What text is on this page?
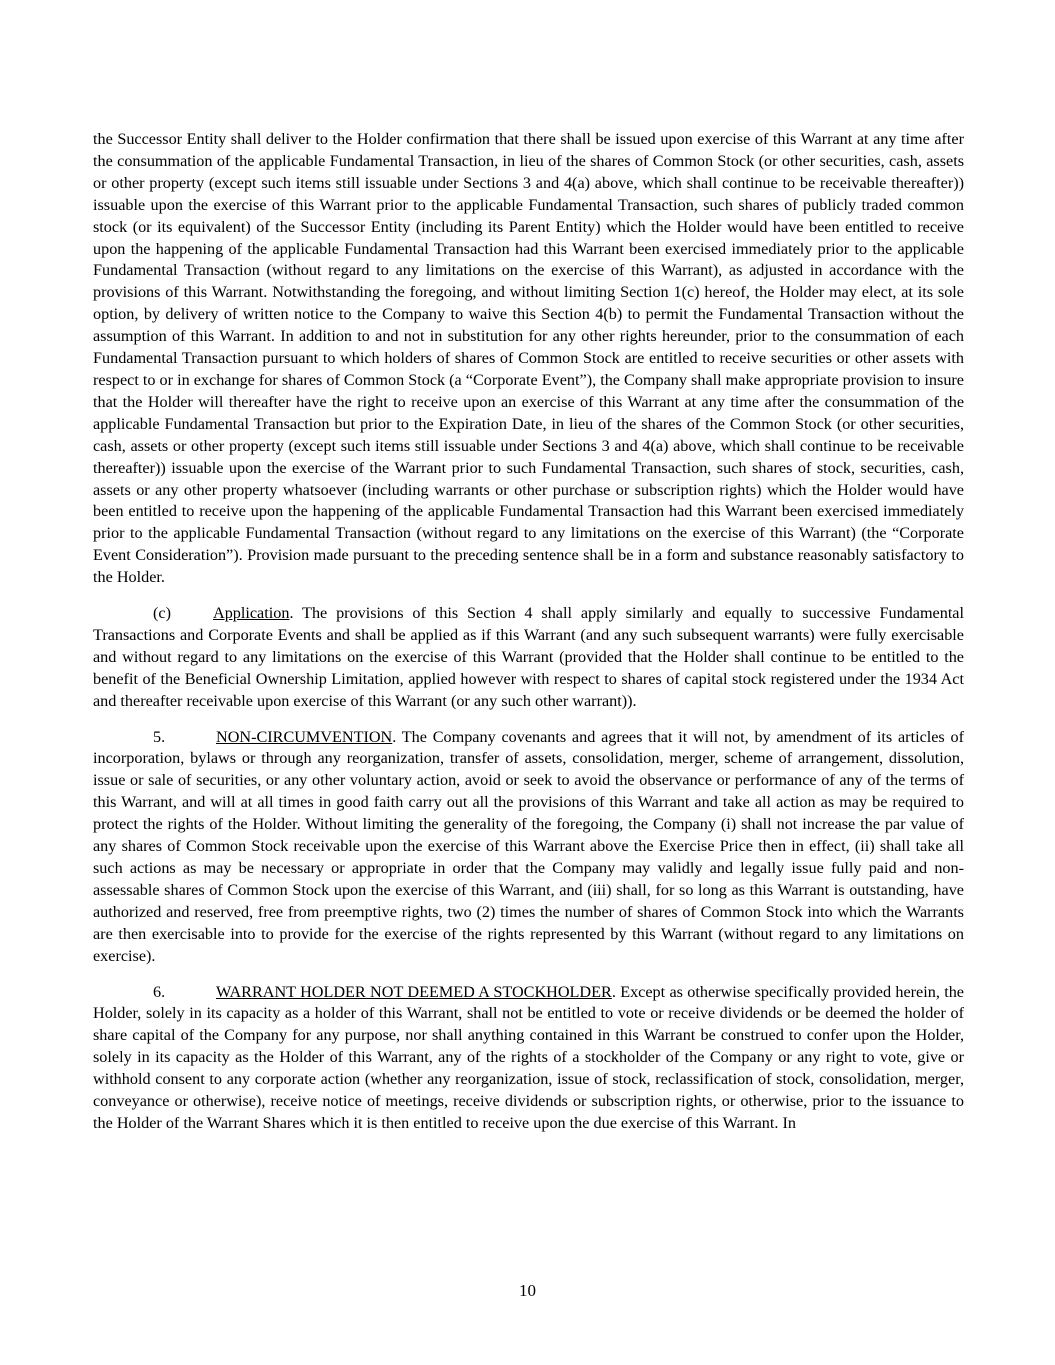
the Successor Entity shall deliver to the Holder confirmation that there shall be issued upon exercise of this Warrant at any time after the consummation of the applicable Fundamental Transaction, in lieu of the shares of Common Stock (or other securities, cash, assets or other property (except such items still issuable under Sections 3 and 4(a) above, which shall continue to be receivable thereafter)) issuable upon the exercise of this Warrant prior to the applicable Fundamental Transaction, such shares of publicly traded common stock (or its equivalent) of the Successor Entity (including its Parent Entity) which the Holder would have been entitled to receive upon the happening of the applicable Fundamental Transaction had this Warrant been exercised immediately prior to the applicable Fundamental Transaction (without regard to any limitations on the exercise of this Warrant), as adjusted in accordance with the provisions of this Warrant. Notwithstanding the foregoing, and without limiting Section 1(c) hereof, the Holder may elect, at its sole option, by delivery of written notice to the Company to waive this Section 4(b) to permit the Fundamental Transaction without the assumption of this Warrant. In addition to and not in substitution for any other rights hereunder, prior to the consummation of each Fundamental Transaction pursuant to which holders of shares of Common Stock are entitled to receive securities or other assets with respect to or in exchange for shares of Common Stock (a “Corporate Event”), the Company shall make appropriate provision to insure that the Holder will thereafter have the right to receive upon an exercise of this Warrant at any time after the consummation of the applicable Fundamental Transaction but prior to the Expiration Date, in lieu of the shares of the Common Stock (or other securities, cash, assets or other property (except such items still issuable under Sections 3 and 4(a) above, which shall continue to be receivable thereafter)) issuable upon the exercise of the Warrant prior to such Fundamental Transaction, such shares of stock, securities, cash, assets or any other property whatsoever (including warrants or other purchase or subscription rights) which the Holder would have been entitled to receive upon the happening of the applicable Fundamental Transaction had this Warrant been exercised immediately prior to the applicable Fundamental Transaction (without regard to any limitations on the exercise of this Warrant) (the “Corporate Event Consideration”). Provision made pursuant to the preceding sentence shall be in a form and substance reasonably satisfactory to the Holder.

(c)	Application. The provisions of this Section 4 shall apply similarly and equally to successive Fundamental Transactions and Corporate Events and shall be applied as if this Warrant (and any such subsequent warrants) were fully exercisable and without regard to any limitations on the exercise of this Warrant (provided that the Holder shall continue to be entitled to the benefit of the Beneficial Ownership Limitation, applied however with respect to shares of capital stock registered under the 1934 Act and thereafter receivable upon exercise of this Warrant (or any such other warrant)).

5.	NON-CIRCUMVENTION. The Company covenants and agrees that it will not, by amendment of its articles of incorporation, bylaws or through any reorganization, transfer of assets, consolidation, merger, scheme of arrangement, dissolution, issue or sale of securities, or any other voluntary action, avoid or seek to avoid the observance or performance of any of the terms of this Warrant, and will at all times in good faith carry out all the provisions of this Warrant and take all action as may be required to protect the rights of the Holder. Without limiting the generality of the foregoing, the Company (i) shall not increase the par value of any shares of Common Stock receivable upon the exercise of this Warrant above the Exercise Price then in effect, (ii) shall take all such actions as may be necessary or appropriate in order that the Company may validly and legally issue fully paid and non-assessable shares of Common Stock upon the exercise of this Warrant, and (iii) shall, for so long as this Warrant is outstanding, have authorized and reserved, free from preemptive rights, two (2) times the number of shares of Common Stock into which the Warrants are then exercisable into to provide for the exercise of the rights represented by this Warrant (without regard to any limitations on exercise).

6.	WARRANT HOLDER NOT DEEMED A STOCKHOLDER. Except as otherwise specifically provided herein, the Holder, solely in its capacity as a holder of this Warrant, shall not be entitled to vote or receive dividends or be deemed the holder of share capital of the Company for any purpose, nor shall anything contained in this Warrant be construed to confer upon the Holder, solely in its capacity as the Holder of this Warrant, any of the rights of a stockholder of the Company or any right to vote, give or withhold consent to any corporate action (whether any reorganization, issue of stock, reclassification of stock, consolidation, merger, conveyance or otherwise), receive notice of meetings, receive dividends or subscription rights, or otherwise, prior to the issuance to the Holder of the Warrant Shares which it is then entitled to receive upon the due exercise of this Warrant. In

10
